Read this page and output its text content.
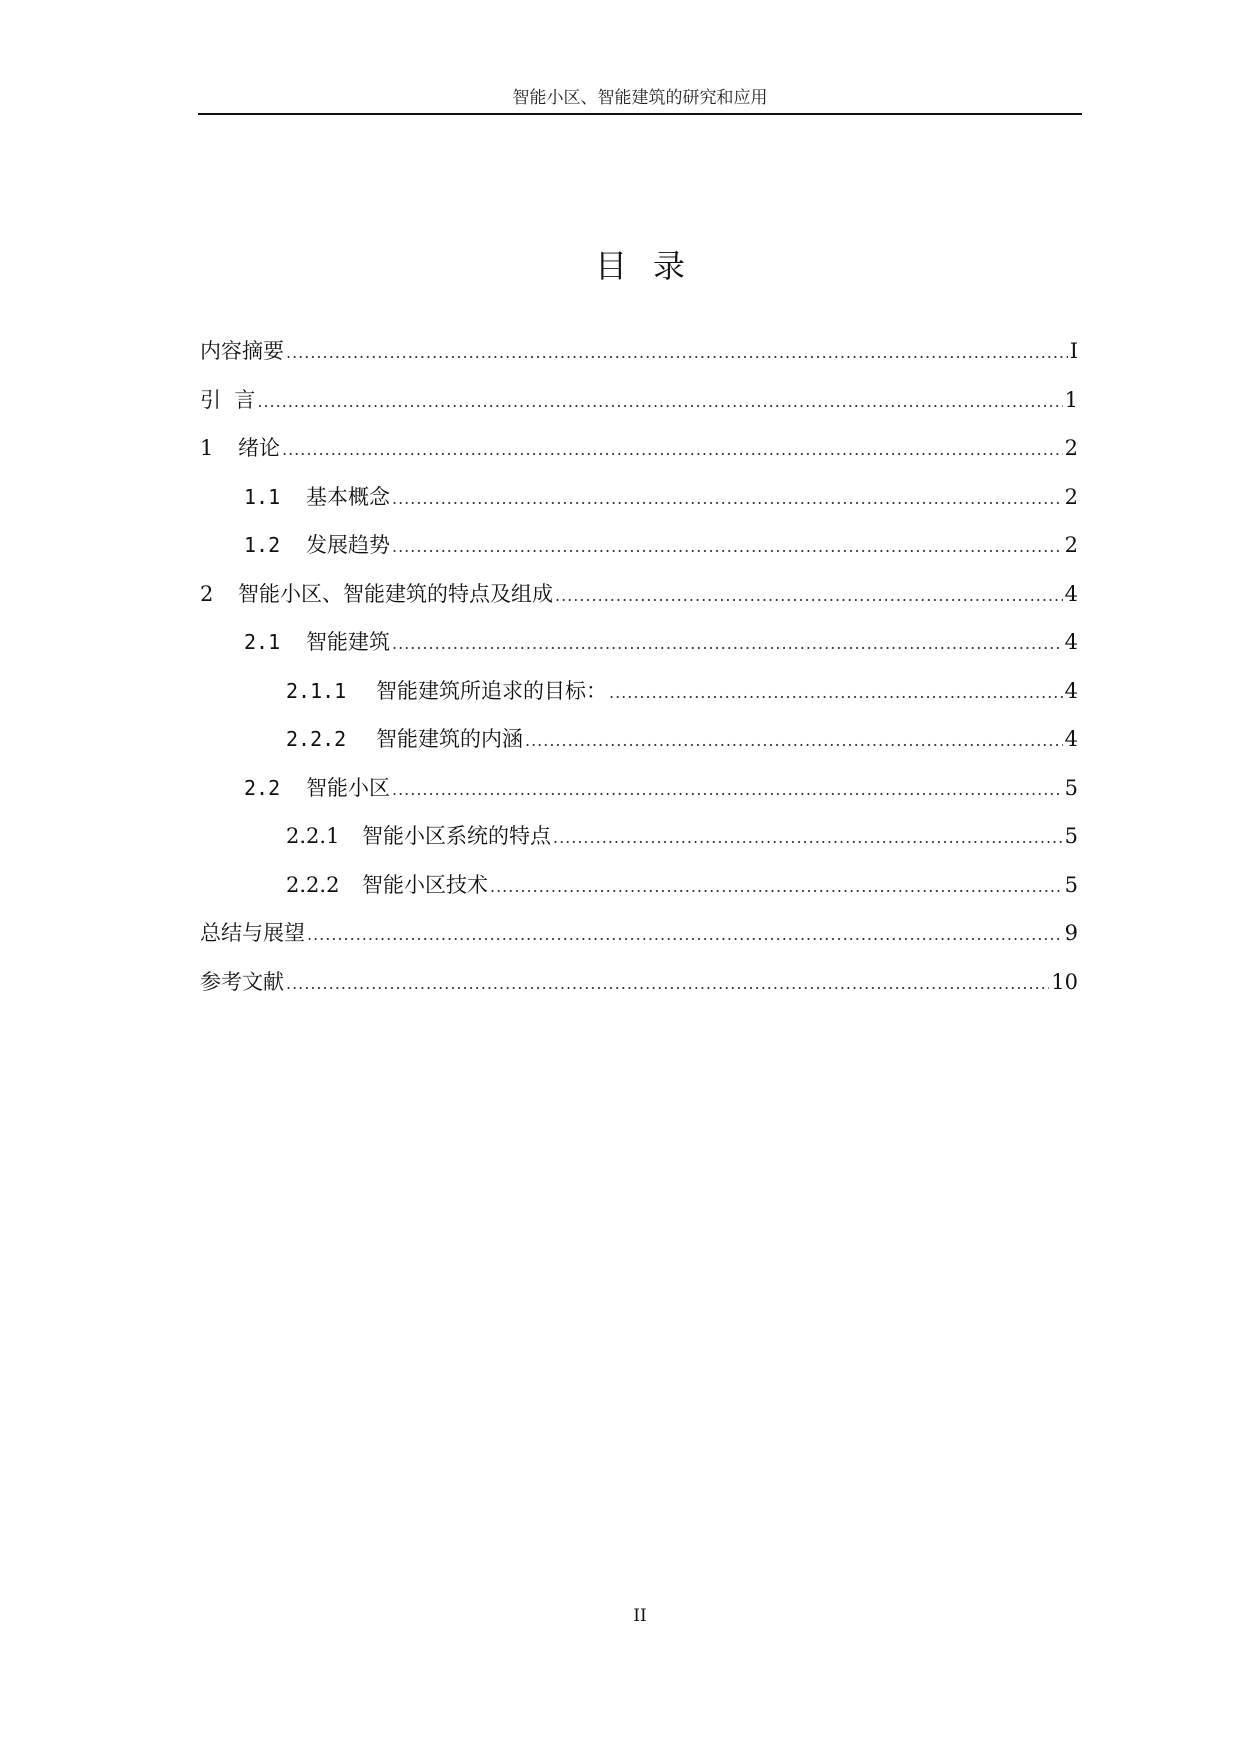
智能小区、智能建筑的研究和应用
目录
内容摘要 .....	I
引  言 .....	1
1	绪论 .....	2
1.1	基本概念 .....	2
1.2	发展趋势 .....	2
2	智能小区、智能建筑的特点及组成 .....	4
2.1	智能建筑 .....	4
2.1.1	智能建筑所追求的目标： .....	4
2.2.2	智能建筑的内涵 .....	4
2.2	智能小区 .....	5
2.2.1	智能小区系统的特点 .....	5
2.2.2	智能小区技术 .....	5
总结与展望 .....	9
参考文献 .....	10
II
